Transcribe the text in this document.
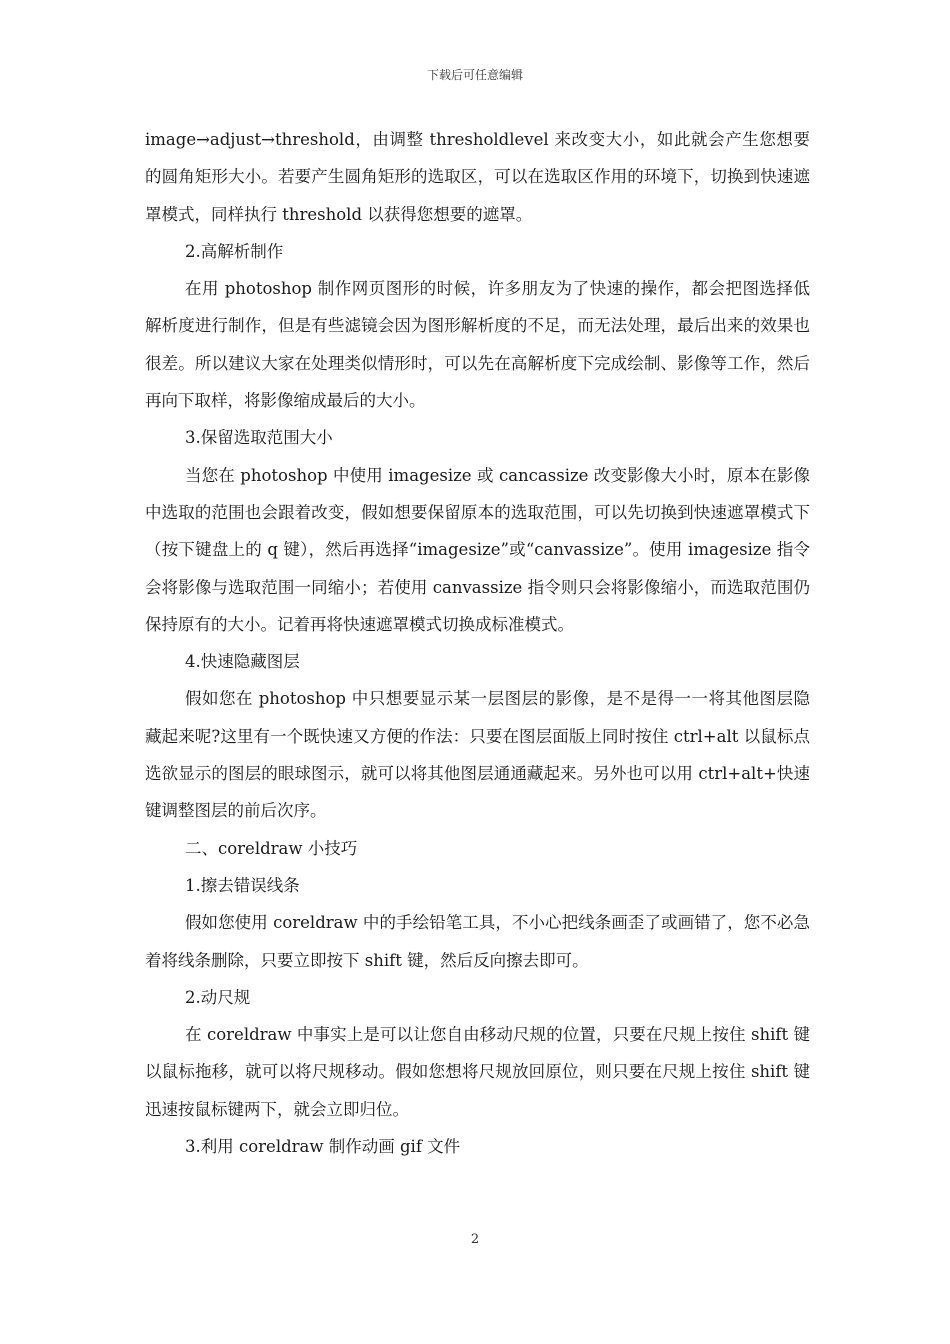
下载后可任意编辑

image→adjust→threshold，由调整 thresholdlevel 来改变大小，如此就会产生您想要的圆角矩形大小。若要产生圆角矩形的选取区，可以在选取区作用的环境下，切换到快速遮罩模式，同样执行 threshold 以获得您想要的遮罩。

2.高解析制作

在用 photoshop 制作网页图形的时候，许多朋友为了快速的操作，都会把图选择低解析度进行制作，但是有些滤镜会因为图形解析度的不足，而无法处理，最后出来的效果也很差。所以建议大家在处理类似情形时，可以先在高解析度下完成绘制、影像等工作，然后再向下取样，将影像缩成最后的大小。

3.保留选取范围大小

当您在 photoshop 中使用 imagesize 或 cancassize 改变影像大小时，原本在影像中选取的范围也会跟着改变，假如想要保留原本的选取范围，可以先切换到快速遮罩模式下（按下键盘上的 q 键），然后再选择“imagesize”或“canvassize”。使用 imagesize 指令会将影像与选取范围一同缩小；若使用 canvassize 指令则只会将影像缩小，而选取范围仍保持原有的大小。记着再将快速遮罩模式切换成标准模式。

4.快速隐藏图层

假如您在 photoshop 中只想要显示某一层图层的影像，是不是得一一将其他图层隐藏起来呢?这里有一个既快速又方便的作法：只要在图层面版上同时按住 ctrl+alt 以鼠标点选欲显示的图层的眼球图示，就可以将其他图层通通藏起来。另外也可以用 ctrl+alt+快速键调整图层的前后次序。

二、coreldraw 小技巧

1.擦去错误线条

假如您使用 coreldraw 中的手绘铅笔工具，不小心把线条画歪了或画错了，您不必急着将线条删除，只要立即按下 shift 键，然后反向擦去即可。

2.动尺规

在 coreldraw 中事实上是可以让您自由移动尺规的位置，只要在尺规上按住 shift 键以鼠标拖移，就可以将尺规移动。假如您想将尺规放回原位，则只要在尺规上按住 shift 键迅速按鼠标键两下，就会立即归位。

3.利用 coreldraw 制作动画 gif 文件

2
